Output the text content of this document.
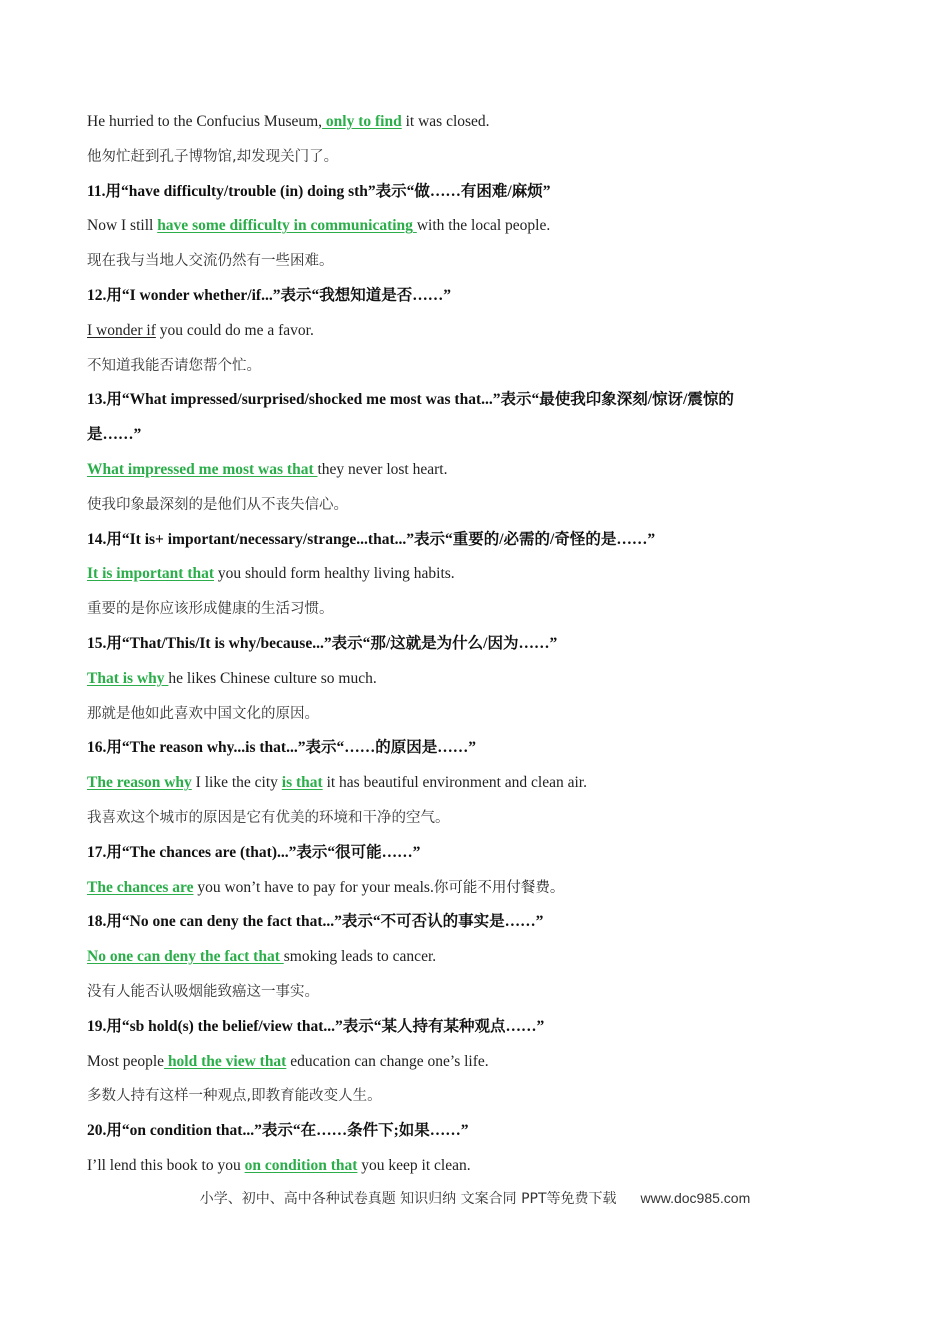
He hurried to the Confucius Museum, only to find it was closed.
他匆忙赶到孔子博物馆,却发现关门了。
11.用“have difficulty/trouble (in) doing sth”表示“做……有困难/麻烦”
Now I still have some difficulty in communicating with the local people.
现在我与当地人交流仍然有一些困难。
12.用“I wonder whether/if...”表示“我想知道是否……”
I wonder if you could do me a favor.
不知道我能否请您帮个忙。
13.用“What impressed/surprised/shocked me most was that...”表示“最使我印象深刻/惊讶/震惊的
是……”
What impressed me most was that they never lost heart.
使我印象最深刻的是他们从不丧失信心。
14.用“It is+ important/necessary/strange...that...”表示“重要的/必需的/奇怪的是……”
It is important that you should form healthy living habits.
重要的是你应该形成健康的生活习惯。
15.用“That/This/It is why/because...”表示“那/这就是为什么/因为……”
That is why he likes Chinese culture so much.
那就是他如此喜欢中国文化的原因。
16.用“The reason why...is that...”表示“……的原因是……”
The reason why I like the city is that it has beautiful environment and clean air.
我喜欢这个城市的原因是它有优美的环境和干净的空气。
17.用“The chances are (that)...”表示“很可能……”
The chances are you won’t have to pay for your meals.你可能不用付餐费。
18.用“No one can deny the fact that...”表示“不可否认的事实是……”
No one can deny the fact that smoking leads to cancer.
没有人能否认吸烟能致癌这一事实。
19.用“sb hold(s) the belief/view that...”表示“某人持有某种观点……”
Most people hold the view that education can change one’s life.
多数人持有这样一种观点,即教育能改变人生。
20.用“on condition that...”表示“在……条件下;如果……”
I’ll lend this book to you on condition that you keep it clean.
小学、初中、高中各种试卷真题 知识归纳 文案合同 PPT等免费下载 www.doc985.com
